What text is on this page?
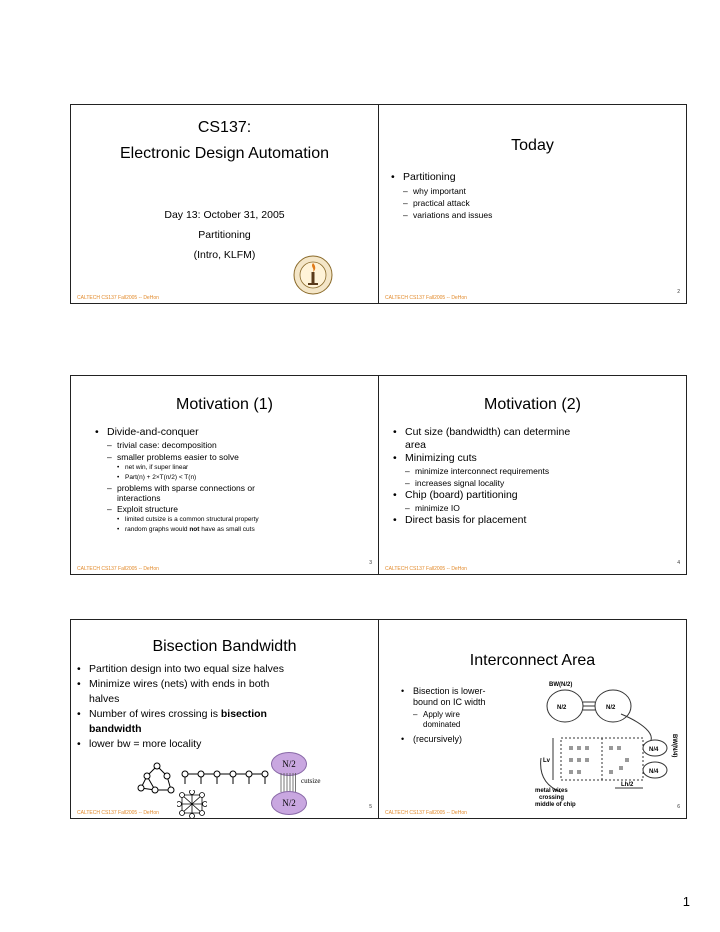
CS137:
Electronic Design Automation
Day 13: October 31, 2005
Partitioning
(Intro, KLFM)
CALTECH CS137 Fall2005 -- DeHon
Today
• Partitioning
– why important
– practical attack
– variations and issues
2
CALTECH CS137 Fall2005 -- DeHon
Motivation (1)
• Divide-and-conquer
– trivial case: decomposition
– smaller problems easier to solve
• net win, if super linear
• Part(n) + 2×T(n/2) < T(n)
– problems with sparse connections or
interactions
– Exploit structure
• limited cutsize is a common structural property
• random graphs would not have as small cuts
3
CALTECH CS137 Fall2005 -- DeHon
Motivation (2)
• Cut size (bandwidth) can determine
area
• Minimizing cuts
– minimize interconnect requirements
– increases signal locality
• Chip (board) partitioning
– minimize IO
• Direct basis for placement
4
CALTECH CS137 Fall2005 -- DeHon
Bisection Bandwidth
• Partition design into two equal size halves
• Minimize wires (nets) with ends in both
halves
• Number of wires crossing is bisection
bandwidth
• lower bw = more locality
N/2
cutsize
N/2	5
CALTECH CS137 Fall2005 -- DeHon
Interconnect Area
• Bisection is lower-
bound on IC width
– Apply wire
dominated
• (recursively)
BW(N/2)
N/2	N/2
N/4
N/4
Lv
Lh/2
metal wires
crossing
middle of chip
BW(N/4)
6
CALTECH CS137 Fall2005 -- DeHon
1
